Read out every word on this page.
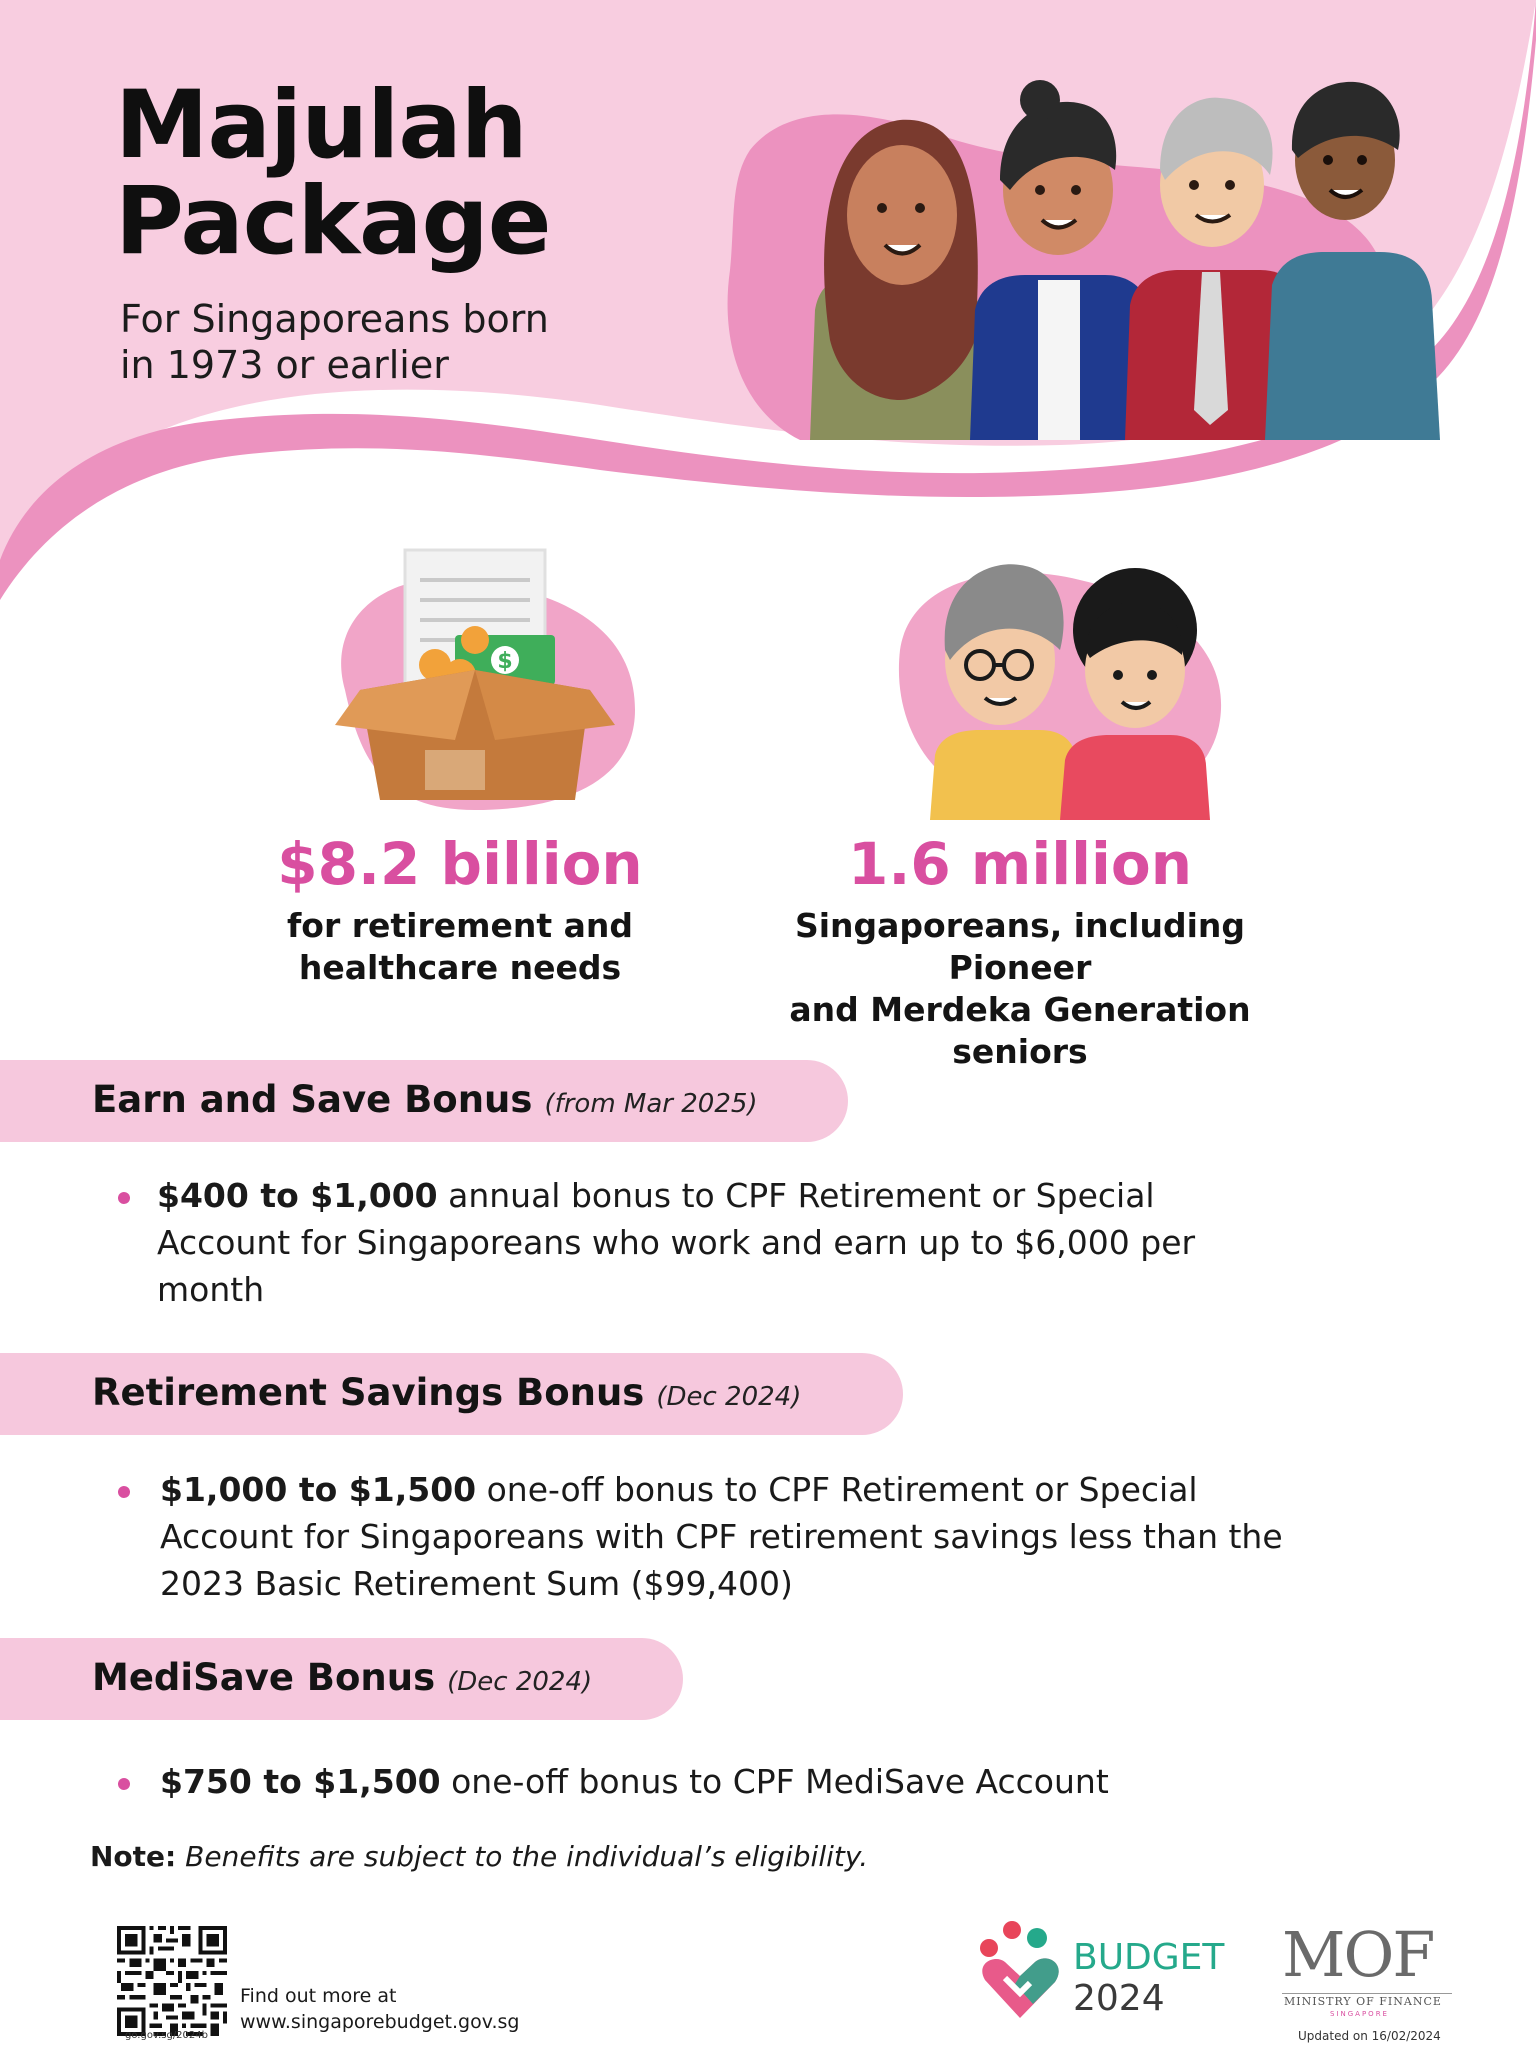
Majulah
Package
For Singaporeans born
in 1973 or earlier
$
$8.2 billion
for retirement and
healthcare needs
1.6 million
Singaporeans, including Pioneer
and Merdeka Generation seniors
Earn and Save Bonus (from Mar 2025)
$400 to $1,000 annual bonus to CPF Retirement or Special Account for Singaporeans who work and earn up to $6,000 per month
Retirement Savings Bonus (Dec 2024)
$1,000 to $1,500 one-off bonus to CPF Retirement or Special Account for Singaporeans with CPF retirement savings less than the 2023 Basic Retirement Sum ($99,400)
MediSave Bonus (Dec 2024)
$750 to $1,500 one-off bonus to CPF MediSave Account
Note: Benefits are subject to the individual’s eligibility.
Find out more at
www.singaporebudget.gov.sg
go.gov.sg/2024b
BUDGET
2024
MOF
MINISTRY OF FINANCE
SINGAPORE
Updated on 16/02/2024
